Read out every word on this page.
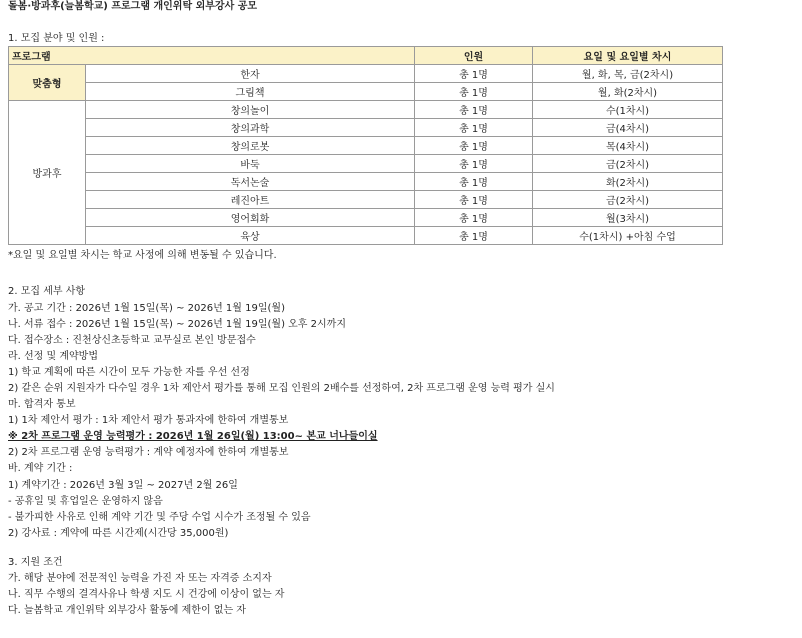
돌봄·방과후(늘봄학교) 프로그램 개인위탁 외부강사 공모
1. 모집 분야 및 인원 :
프로그램		인원	요일 및 요일별 차시
맞춤형	한자	총 1명	월, 화, 목, 금(2차시)
	그림책	총 1명	월, 화(2차시)
방과후	창의놀이	총 1명	수(1차시)
	창의과학	총 1명	금(4차시)
	창의로봇	총 1명	목(4차시)
	바둑	총 1명	금(2차시)
	독서논술	총 1명	화(2차시)
	레진아트	총 1명	금(2차시)
	영어회화	총 1명	월(3차시)
	육상	총 1명	수(1차시) +아침 수업
*요일 및 요일별 차시는 학교 사정에 의해 변동될 수 있습니다.
2. 모집 세부 사항
가. 공고 기간 : 2026년 1월 15일(목) ~ 2026년 1월 19일(월)
나. 서류 접수 : 2026년 1월 15일(목) ~ 2026년 1월 19일(월) 오후 2시까지
다. 접수장소 : 진천상신초등학교 교무실로 본인 방문접수
라. 선정 및 계약방법
1) 학교 계획에 따른 시간이 모두 가능한 자를 우선 선정
2) 같은 순위 지원자가 다수일 경우 1차 제안서 평가를 통해 모집 인원의 2배수를 선정하여, 2차 프로그램 운영 능력 평가 실시
마. 합격자 통보
1) 1차 제안서 평가 : 1차 제안서 평가 통과자에 한하여 개별통보
※ 2차 프로그램 운영 능력평가 : 2026년 1월 26일(월) 13:00~ 본교 너나들이실
2) 2차 프로그램 운영 능력평가 : 계약 예정자에 한하여 개별통보
바. 계약 기간 :
1) 계약기간 : 2026년 3월 3일 ~ 2027년 2월 26일
- 공휴일 및 휴업일은 운영하지 않음
- 불가피한 사유로 인해 계약 기간 및 주당 수업 시수가 조정될 수 있음
2) 강사료 : 계약에 따른 시간제(시간당 35,000원)
3. 지원 조건
가. 해당 분야에 전문적인 능력을 가진 자 또는 자격증 소지자
나. 직무 수행의 결격사유나 학생 지도 시 건강에 이상이 없는 자
다. 늘봄학교 개인위탁 외부강사 활동에 제한이 없는 자
